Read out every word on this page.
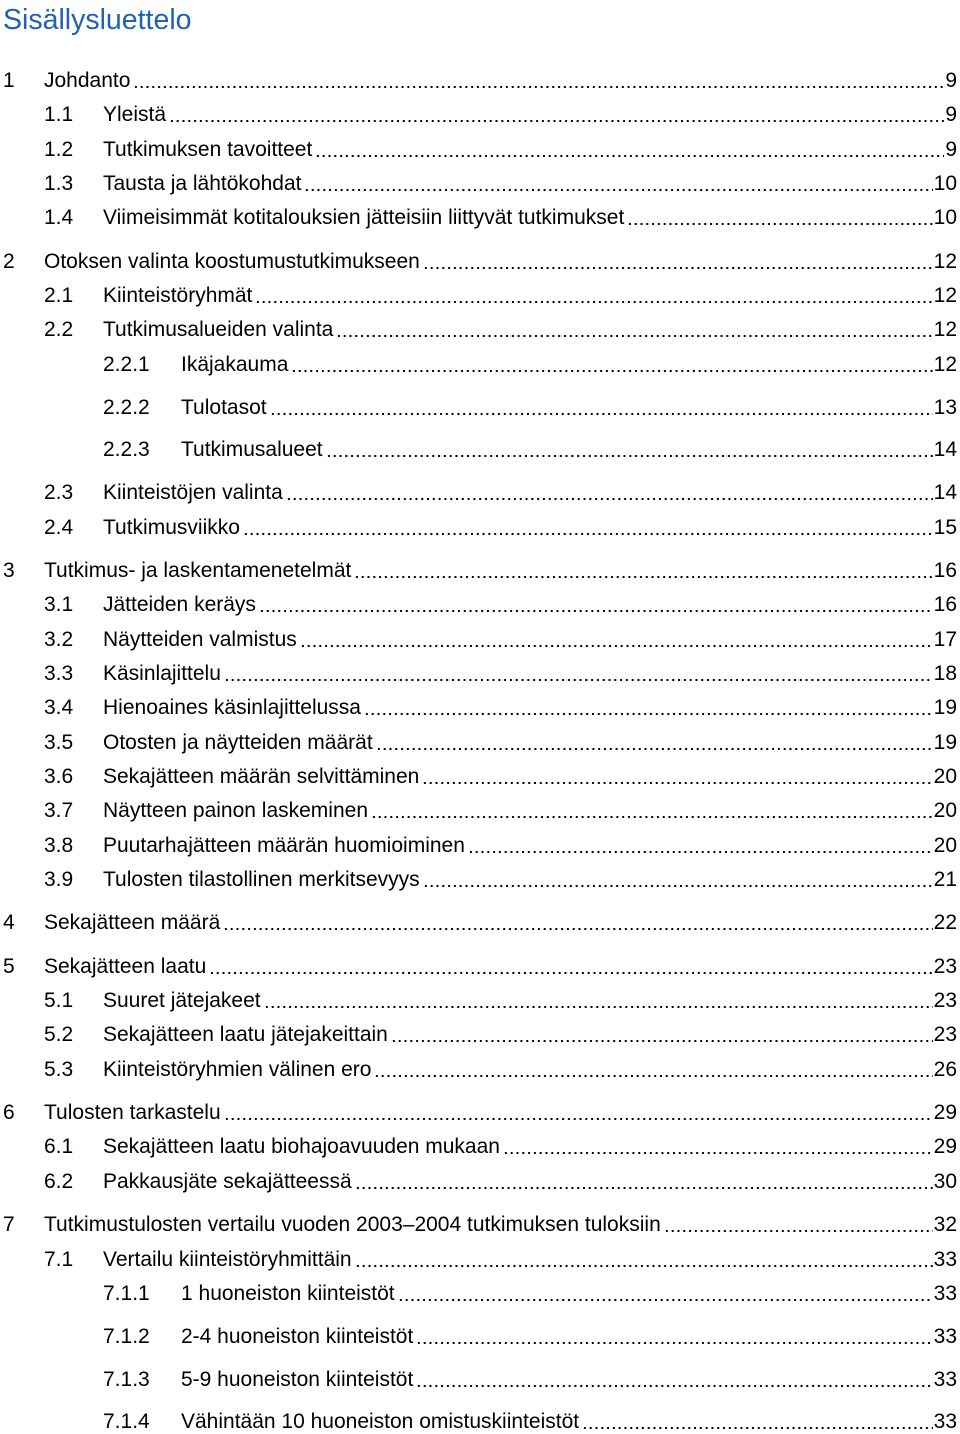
Sisällysluettelo
1	Johdanto	9
1.1	Yleistä	9
1.2	Tutkimuksen tavoitteet	9
1.3	Tausta ja lähtökohdat	10
1.4	Viimeisimmät kotitalouksien jätteisiin liittyvät tutkimukset	10
2	Otoksen valinta koostumustutkimukseen	12
2.1	Kiinteistöryhmät	12
2.2	Tutkimusalueiden valinta	12
2.2.1	Ikäjakauma	12
2.2.2	Tulotasot	13
2.2.3	Tutkimusalueet	14
2.3	Kiinteistöjen valinta	14
2.4	Tutkimusviikko	15
3	Tutkimus- ja laskentamenetelmät	16
3.1	Jätteiden keräys	16
3.2	Näytteiden valmistus	17
3.3	Käsinlajittelu	18
3.4	Hienoaines käsinlajittelussa	19
3.5	Otosten ja näytteiden määrät	19
3.6	Sekajätteen määrän selvittäminen	20
3.7	Näytteen painon laskeminen	20
3.8	Puutarhajätteen määrän huomioiminen	20
3.9	Tulosten tilastollinen merkitsevyys	21
4	Sekajätteen määrä	22
5	Sekajätteen laatu	23
5.1	Suuret jätejakeet	23
5.2	Sekajätteen laatu jätejakeittain	23
5.3	Kiinteistöryhmien välinen ero	26
6	Tulosten tarkastelu	29
6.1	Sekajätteen laatu biohajoavuuden mukaan	29
6.2	Pakkausjäte sekajätteessä	30
7	Tutkimustulosten vertailu vuoden 2003–2004 tutkimuksen tuloksiin	32
7.1	Vertailu kiinteistöryhmittäin	33
7.1.1	1 huoneiston kiinteistöt	33
7.1.2	2-4 huoneiston kiinteistöt	33
7.1.3	5-9 huoneiston kiinteistöt	33
7.1.4	Vähintään 10 huoneiston omistuskiinteistöt	33
